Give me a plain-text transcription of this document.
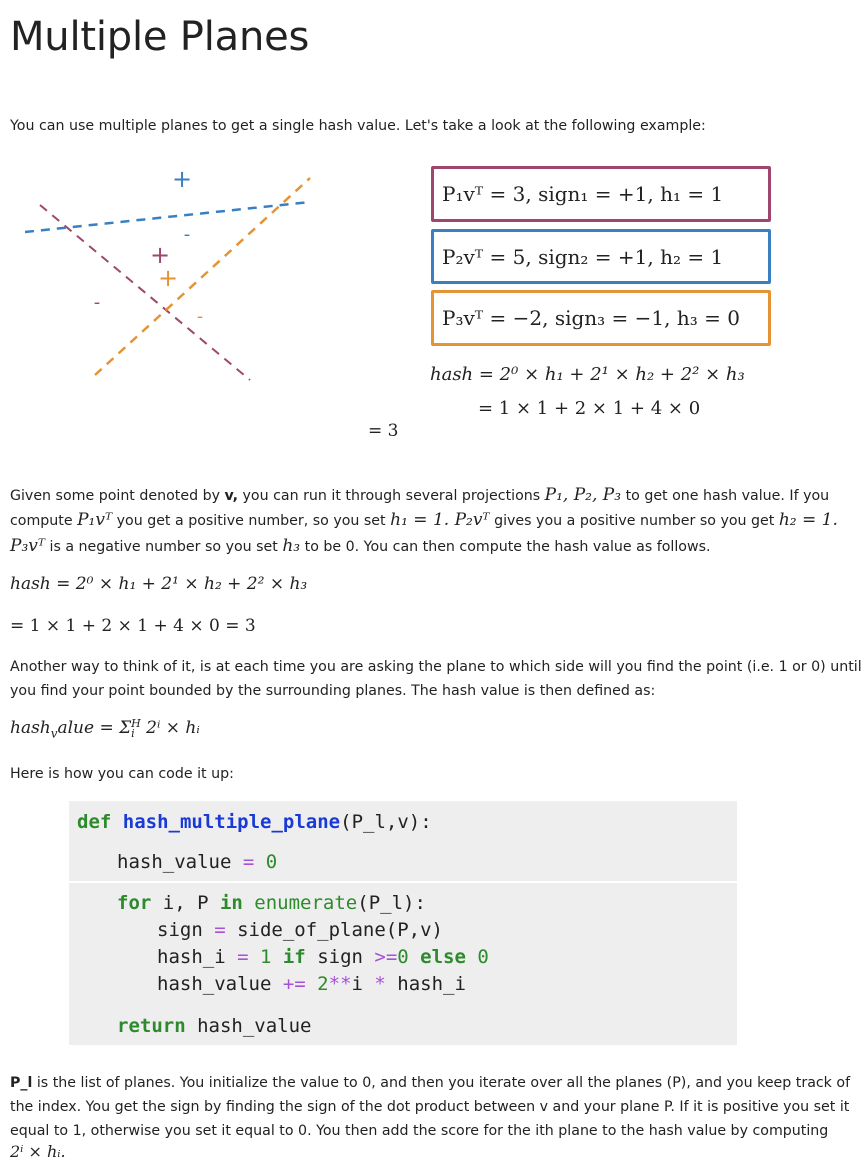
Multiple Planes

You can use multiple planes to get a single hash value. Let's take a look at the following example:

+
-
+
+
-
-
P₁vᵀ = 3, sign₁ = +1, h₁ = 1
P₂vᵀ = 5, sign₂ = +1, h₂ = 1
P₃vᵀ = −2, sign₃ = −1, h₃ = 0
hash = 2⁰ × h₁ + 2¹ × h₂ + 2² × h₃
= 1 × 1 + 2 × 1 + 4 × 0
= 3
Given some point denoted by v, you can run it through several projections P₁, P₂, P₃ to get one hash value. If you
compute P₁vᵀ you get a positive number, so you set h₁ = 1. P₂vᵀ gives you a positive number so you get h₂ = 1.
P₃vᵀ is a negative number so you set h₃ to be 0. You can then compute the hash value as follows.
hash = 2⁰ × h₁ + 2¹ × h₂ + 2² × h₃
= 1 × 1 + 2 × 1 + 4 × 0 = 3

Another way to think of it, is at each time you are asking the plane to which side will you find the point (i.e. 1 or 0) until

you find your point bounded by the surrounding planes. The hash value is then defined as:

hash$_v$alue = Σ H
i 2ⁱ × hᵢ

Here is how you can code it up:

def hash_multiple_plane(P_l,v):
hash_value = 0
for i, P in enumerate(P_l):
sign = side_of_plane(P,v)
hash_i = 1 if sign >=0 else 0
hash_value += 2**i * hash_i
return hash_value
P_l is the list of planes. You initialize the value to 0, and then you iterate over all the planes (P), and you keep track of
the index. You get the sign by finding the sign of the dot product between v and your plane P. If it is positive you set it
equal to 1, otherwise you set it equal to 0. You then add the score for the ith plane to the hash value by computing
2ⁱ × hᵢ.
